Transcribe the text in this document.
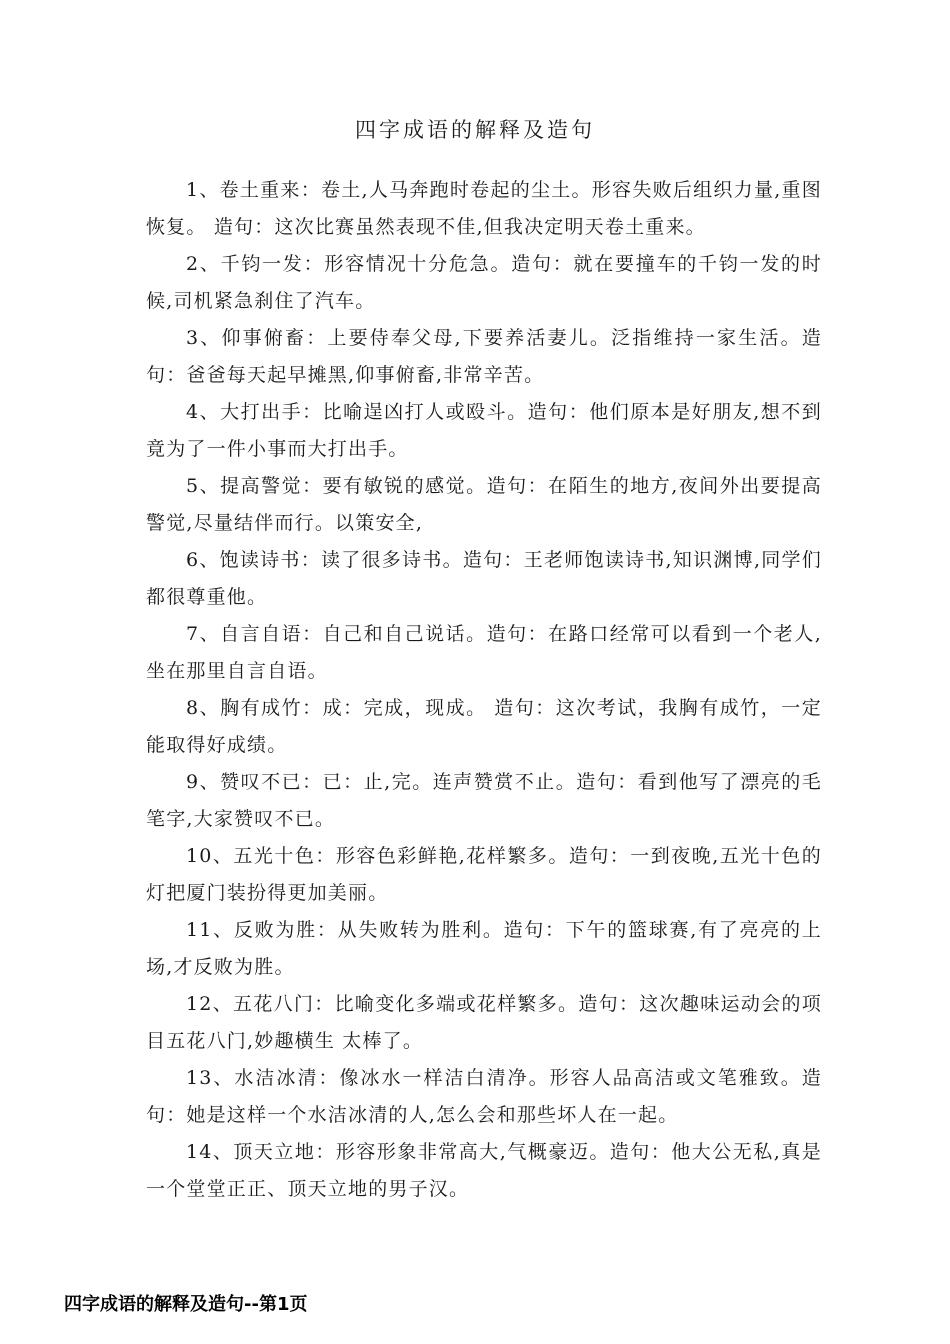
四字成语的解释及造句

1、卷土重来：卷土,人马奔跑时卷起的尘土。形容失败后组织力量,重图恢复。 造句：这次比赛虽然表现不佳,但我决定明天卷土重来。

2、千钧一发：形容情况十分危急。造句：就在要撞车的千钧一发的时候,司机紧急刹住了汽车。

3、仰事俯畜：上要侍奉父母,下要养活妻儿。泛指维持一家生活。造句：爸爸每天起早摊黑,仰事俯畜,非常辛苦。

4、大打出手：比喻逞凶打人或殴斗。造句：他们原本是好朋友,想不到竟为了一件小事而大打出手。

5、提高警觉：要有敏锐的感觉。造句：在陌生的地方,夜间外出要提高警觉,尽量结伴而行。以策安全,

6、饱读诗书：读了很多诗书。造句：王老师饱读诗书,知识渊博,同学们都很尊重他。

7、自言自语：自己和自己说话。造句：在路口经常可以看到一个老人,坐在那里自言自语。

8、胸有成竹：成：完成，现成。 造句：这次考试，我胸有成竹，一定能取得好成绩。

9、赞叹不已：已：止,完。连声赞赏不止。造句：看到他写了漂亮的毛笔字,大家赞叹不已。

10、五光十色：形容色彩鲜艳,花样繁多。造句：一到夜晚,五光十色的灯把厦门装扮得更加美丽。

11、反败为胜：从失败转为胜利。造句：下午的篮球赛,有了亮亮的上场,才反败为胜。

12、五花八门：比喻变化多端或花样繁多。造句：这次趣味运动会的项目五花八门,妙趣横生 太棒了。

13、水洁冰清：像冰水一样洁白清净。形容人品高洁或文笔雅致。造句：她是这样一个水洁冰清的人,怎么会和那些坏人在一起。

14、顶天立地：形容形象非常高大,气概豪迈。造句：他大公无私,真是一个堂堂正正、顶天立地的男子汉。

四字成语的解释及造句--第1页
